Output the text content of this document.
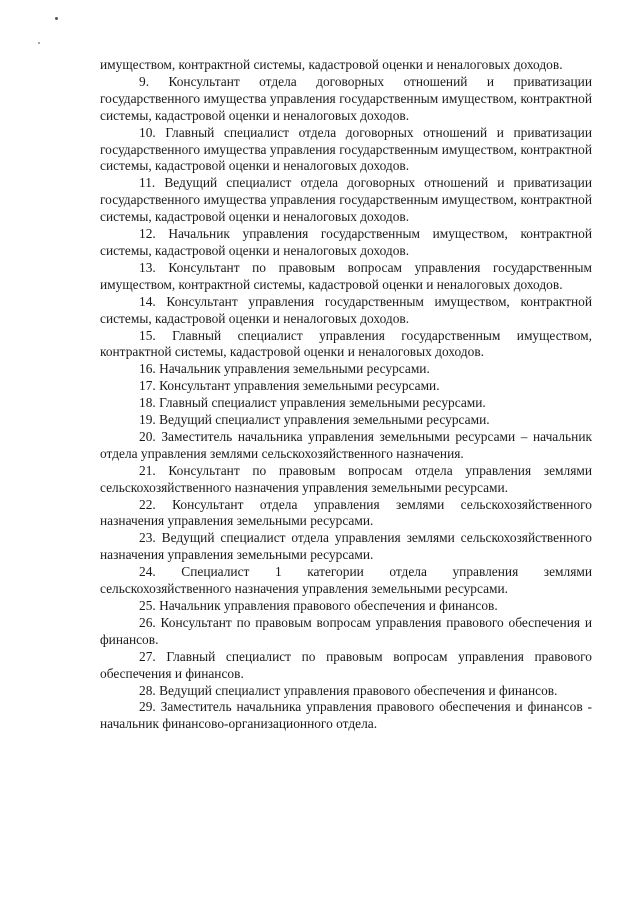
имуществом, контрактной системы, кадастровой оценки и неналоговых доходов.

9. Консультант отдела договорных отношений и приватизации государственного имущества управления государственным имуществом, контрактной системы, кадастровой оценки и неналоговых доходов.

10. Главный специалист отдела договорных отношений и приватизации государственного имущества управления государственным имуществом, контрактной системы, кадастровой оценки и неналоговых доходов.

11. Ведущий специалист отдела договорных отношений и приватизации государственного имущества управления государственным имуществом, контрактной системы, кадастровой оценки и неналоговых доходов.

12. Начальник управления государственным имуществом, контрактной системы, кадастровой оценки и неналоговых доходов.

13. Консультант по правовым вопросам управления государственным имуществом, контрактной системы, кадастровой оценки и неналоговых доходов.

14. Консультант управления государственным имуществом, контрактной системы, кадастровой оценки и неналоговых доходов.

15. Главный специалист управления государственным имуществом, контрактной системы, кадастровой оценки и неналоговых доходов.

16. Начальник управления земельными ресурсами.

17. Консультант управления земельными ресурсами.

18. Главный специалист управления земельными ресурсами.

19. Ведущий специалист управления земельными ресурсами.

20. Заместитель начальника управления земельными ресурсами – начальник отдела управления землями сельскохозяйственного назначения.

21. Консультант по правовым вопросам отдела управления землями сельскохозяйственного назначения управления земельными ресурсами.

22. Консультант отдела управления землями сельскохозяйственного назначения управления земельными ресурсами.

23. Ведущий специалист отдела управления землями сельскохозяйственного назначения управления земельными ресурсами.

24. Специалист 1 категории отдела управления землями сельскохозяйственного назначения управления земельными ресурсами.

25. Начальник управления правового обеспечения и финансов.

26. Консультант по правовым вопросам управления правового обеспечения и финансов.

27. Главный специалист по правовым вопросам управления правового обеспечения и финансов.

28. Ведущий специалист управления правового обеспечения и финансов.

29. Заместитель начальника управления правового обеспечения и финансов - начальник финансово-организационного отдела.
